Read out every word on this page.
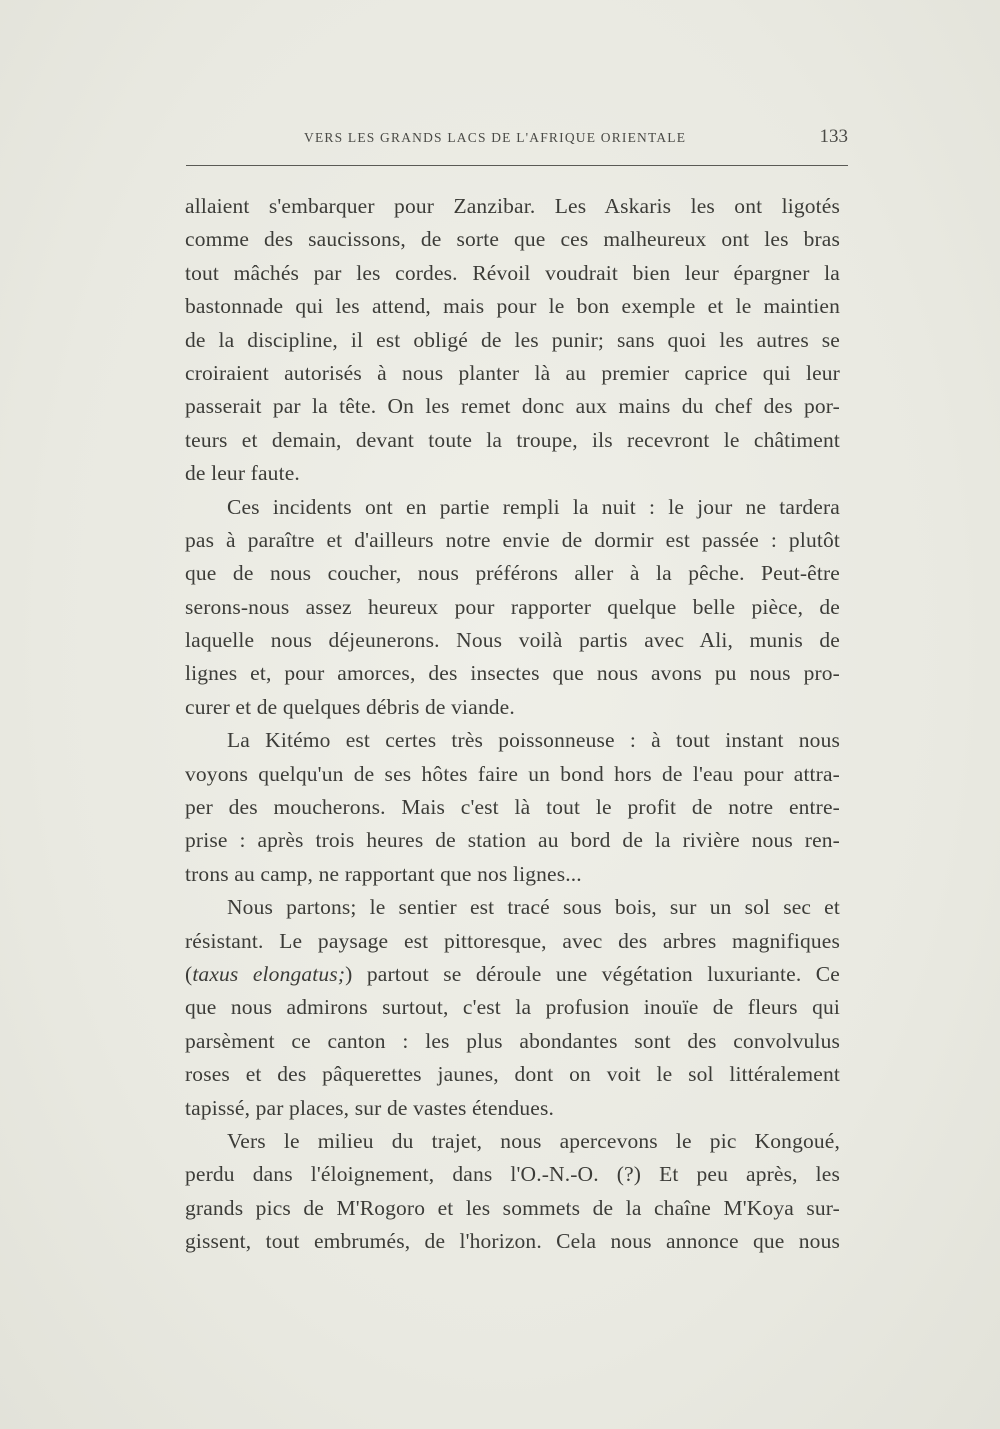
VERS LES GRANDS LACS DE L'AFRIQUE ORIENTALE	133
allaient s'embarquer pour Zanzibar. Les Askaris les ont ligotés
comme des saucissons, de sorte que ces malheureux ont les bras
tout mâchés par les cordes. Révoil voudrait bien leur épargner la
bastonnade qui les attend, mais pour le bon exemple et le maintien
de la discipline, il est obligé de les punir; sans quoi les autres se
croiraient autorisés à nous planter là au premier caprice qui leur
passerait par la tête. On les remet donc aux mains du chef des por-
teurs et demain, devant toute la troupe, ils recevront le châtiment
de leur faute.
Ces incidents ont en partie rempli la nuit : le jour ne tardera
pas à paraître et d'ailleurs notre envie de dormir est passée : plutôt
que de nous coucher, nous préférons aller à la pêche. Peut-être
serons-nous assez heureux pour rapporter quelque belle pièce, de
laquelle nous déjeunerons. Nous voilà partis avec Ali, munis de
lignes et, pour amorces, des insectes que nous avons pu nous pro-
curer et de quelques débris de viande.
La Kitémo est certes très poissonneuse : à tout instant nous
voyons quelqu'un de ses hôtes faire un bond hors de l'eau pour attra-
per des moucherons. Mais c'est là tout le profit de notre entre-
prise : après trois heures de station au bord de la rivière nous ren-
trons au camp, ne rapportant que nos lignes...
Nous partons; le sentier est tracé sous bois, sur un sol sec et
résistant. Le paysage est pittoresque, avec des arbres magnifiques
(taxus elongatus;) partout se déroule une végétation luxuriante. Ce
que nous admirons surtout, c'est la profusion inouïe de fleurs qui
parsèment ce canton : les plus abondantes sont des convolvulus
roses et des pâquerettes jaunes, dont on voit le sol littéralement
tapissé, par places, sur de vastes étendues.
Vers le milieu du trajet, nous apercevons le pic Kongoué,
perdu dans l'éloignement, dans l'O.-N.-O. (?) Et peu après, les
grands pics de M'Rogoro et les sommets de la chaîne M'Koya sur-
gissent, tout embrumés, de l'horizon. Cela nous annonce que nous
